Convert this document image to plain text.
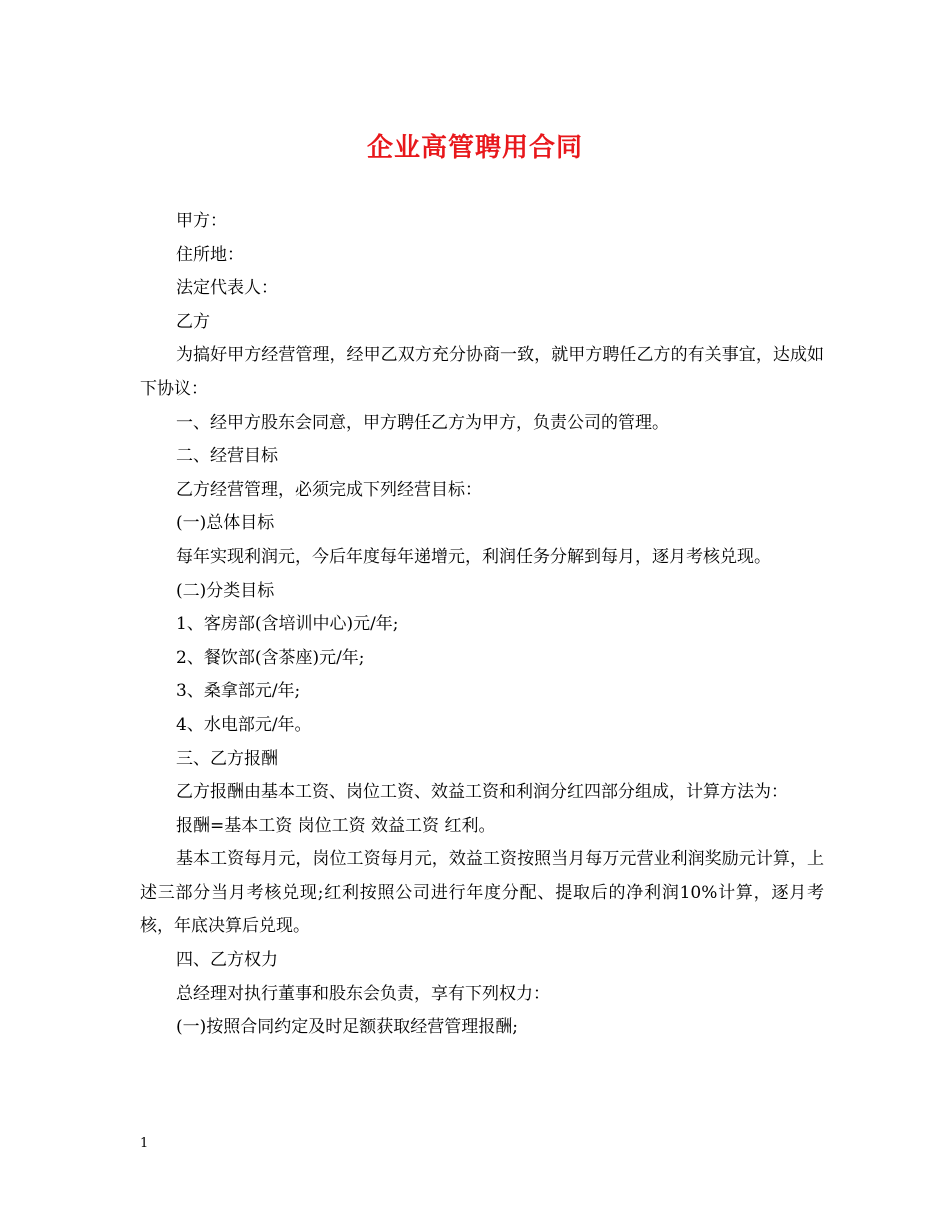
企业高管聘用合同

甲方：

住所地：

法定代表人：

乙方

为搞好甲方经营管理，经甲乙双方充分协商一致，就甲方聘任乙方的有关事宜，达成如下协议：

一、经甲方股东会同意，甲方聘任乙方为甲方，负责公司的管理。

二、经营目标

乙方经营管理，必须完成下列经营目标：

(一)总体目标

每年实现利润元，今后年度每年递增元，利润任务分解到每月，逐月考核兑现。

(二)分类目标

1、客房部(含培训中心)元/年;

2、餐饮部(含茶座)元/年;

3、桑拿部元/年;

4、水电部元/年。

三、乙方报酬

乙方报酬由基本工资、岗位工资、效益工资和利润分红四部分组成，计算方法为：

报酬=基本工资 岗位工资 效益工资 红利。

基本工资每月元，岗位工资每月元，效益工资按照当月每万元营业利润奖励元计算，上述三部分当月考核兑现;红利按照公司进行年度分配、提取后的净利润10%计算，逐月考核，年底决算后兑现。

四、乙方权力

总经理对执行董事和股东会负责，享有下列权力：

(一)按照合同约定及时足额获取经营管理报酬;

1
